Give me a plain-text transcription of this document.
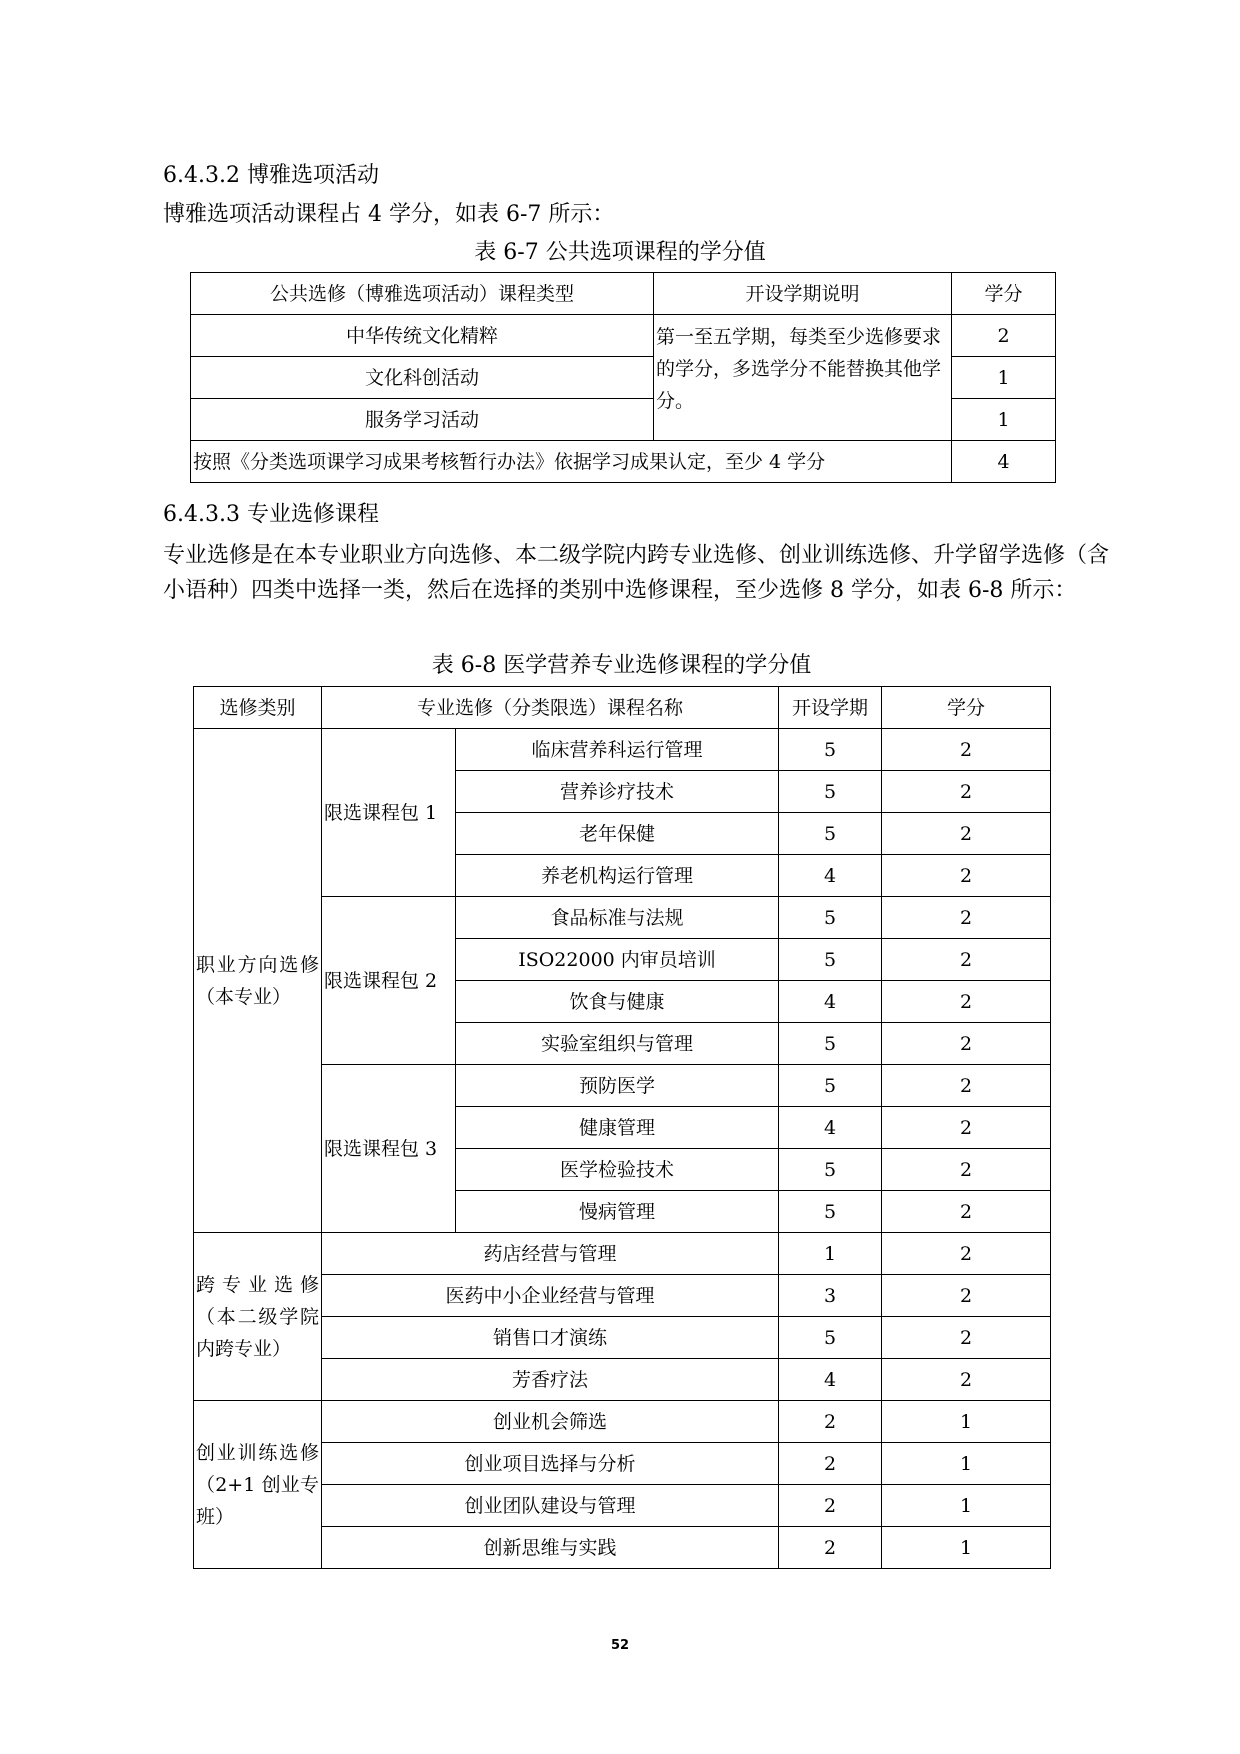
6.4.3.2 博雅选项活动
博雅选项活动课程占 4 学分，如表 6-7 所示：
表 6-7 公共选项课程的学分值
公共选修（博雅选项活动）课程类型	开设学期说明	学分
中华传统文化精粹	第一至五学期，每类至少选修要求的学分，多选学分不能替换其他学分。	2
文化科创活动		1
服务学习活动		1
按照《分类选项课学习成果考核暂行办法》依据学习成果认定，至少 4 学分		4
6.4.3.3 专业选修课程
专业选修是在本专业职业方向选修、本二级学院内跨专业选修、创业训练选修、升学留学选修（含小语种）四类中选择一类，然后在选择的类别中选修课程，至少选修 8 学分，如表 6-8 所示：
表 6-8 医学营养专业选修课程的学分值
选修类别	专业选修（分类限选）课程名称		开设学期	学分
职业方向选修（本专业）	限选课程包 1	临床营养科运行管理	5	2
		营养诊疗技术	5	2
		老年保健	5	2
		养老机构运行管理	4	2
	限选课程包 2	食品标准与法规	5	2
		ISO22000 内审员培训	5	2
		饮食与健康	4	2
		实验室组织与管理	5	2
	限选课程包 3	预防医学	5	2
		健康管理	4	2
		医学检验技术	5	2
		慢病管理	5	2
跨专业选修（本二级学院内跨专业）	药店经营与管理		1	2
	医药中小企业经营与管理		3	2
	销售口才演练		5	2
	芳香疗法		4	2
创业训练选修（2+1 创业专班）	创业机会筛选		2	1
	创业项目选择与分析		2	1
	创业团队建设与管理		2	1
	创新思维与实践		2	1
52
